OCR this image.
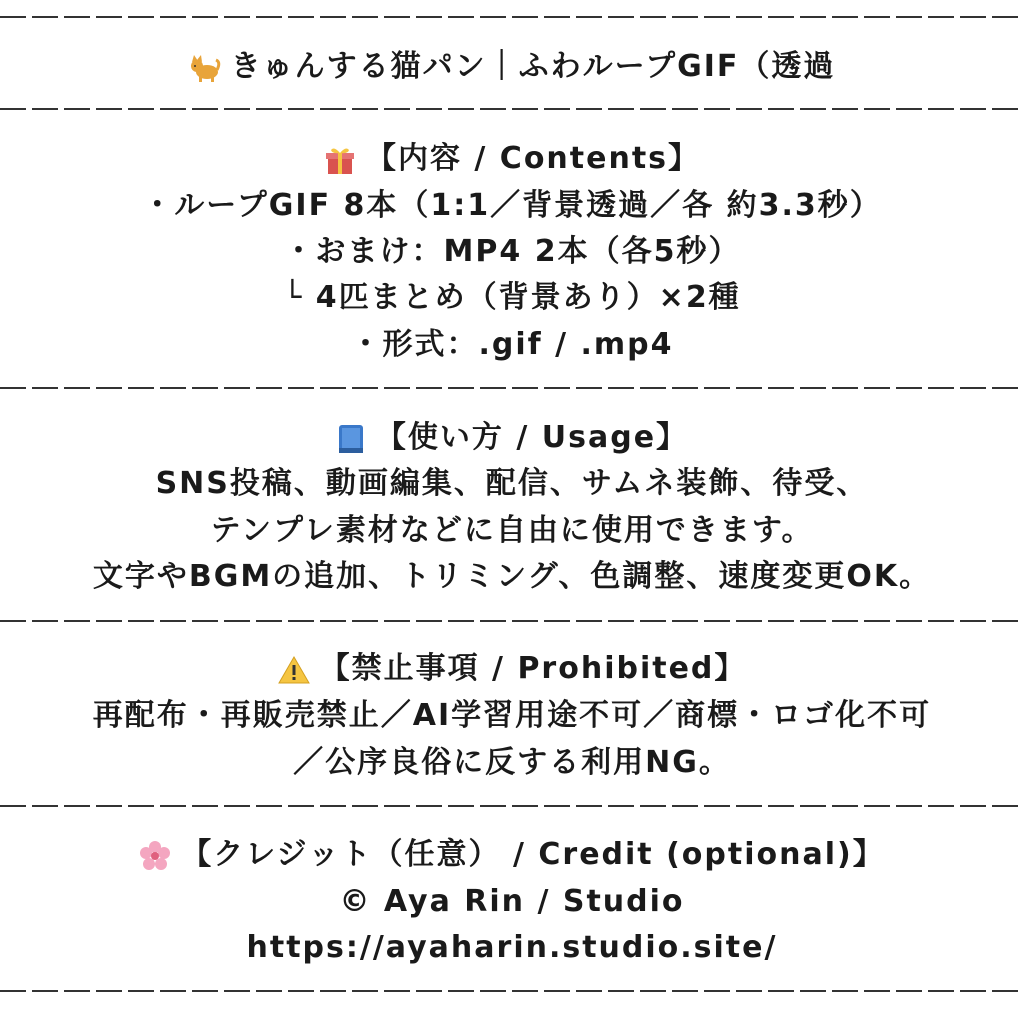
きゅんする猫パン｜ふわループGIF（透過
【内容 / Contents】
・ループGIF 8本（1:1／背景透過／各 約3.3秒）
・おまけ：MP4 2本（各5秒）
└ 4匹まとめ（背景あり）×2種
・形式：.gif / .mp4
【使い方 / Usage】
SNS投稿、動画編集、配信、サムネ装飾、待受、
テンプレ素材などに自由に使用できます。
文字やBGMの追加、トリミング、色調整、速度変更OK。
【禁止事項 / Prohibited】
再配布・再販売禁止／AI学習用途不可／商標・ロゴ化不可
／公序良俗に反する利用NG。
【クレジット（任意） / Credit (optional)】
© Aya Rin / Studio
https://ayaharin.studio.site/
